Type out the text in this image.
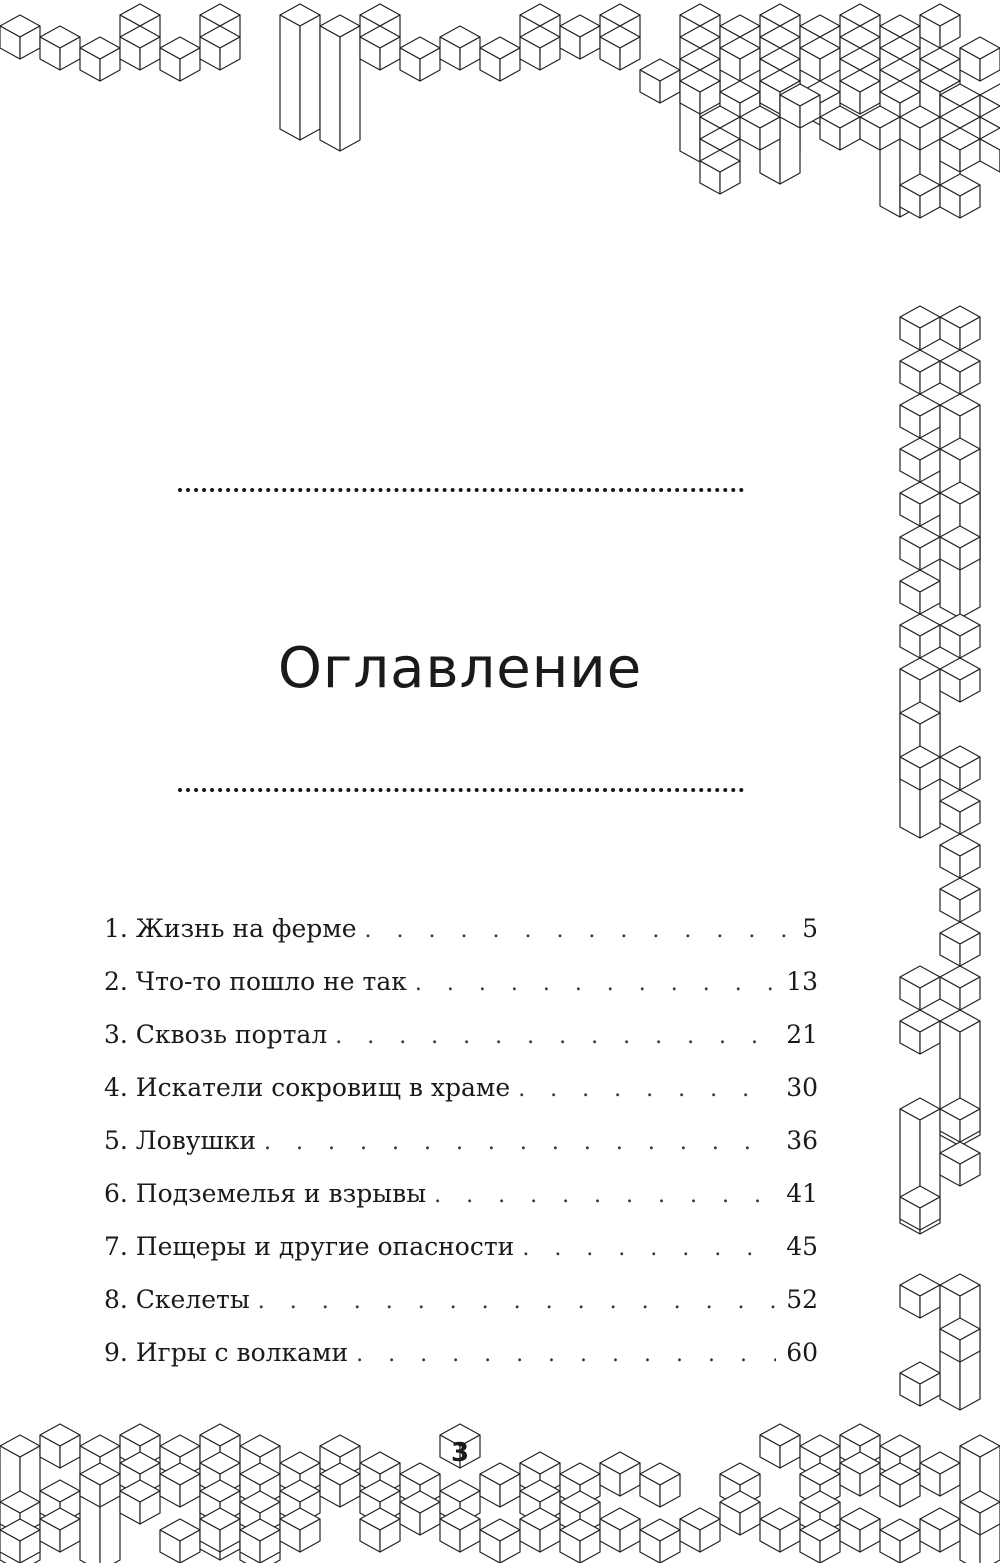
Оглавление
1. Жизнь на ферме . . .	5
2. Что-то пошло не так . . .	13
3. Сквозь портал . . .	21
4. Искатели сокровищ в храме . . .	30
5. Ловушки . . .	36
6. Подземелья и взрывы . . .	41
7. Пещеры и другие опасности . . .	45
8. Скелеты . . .	52
9. Игры с волками . . .	60
3
